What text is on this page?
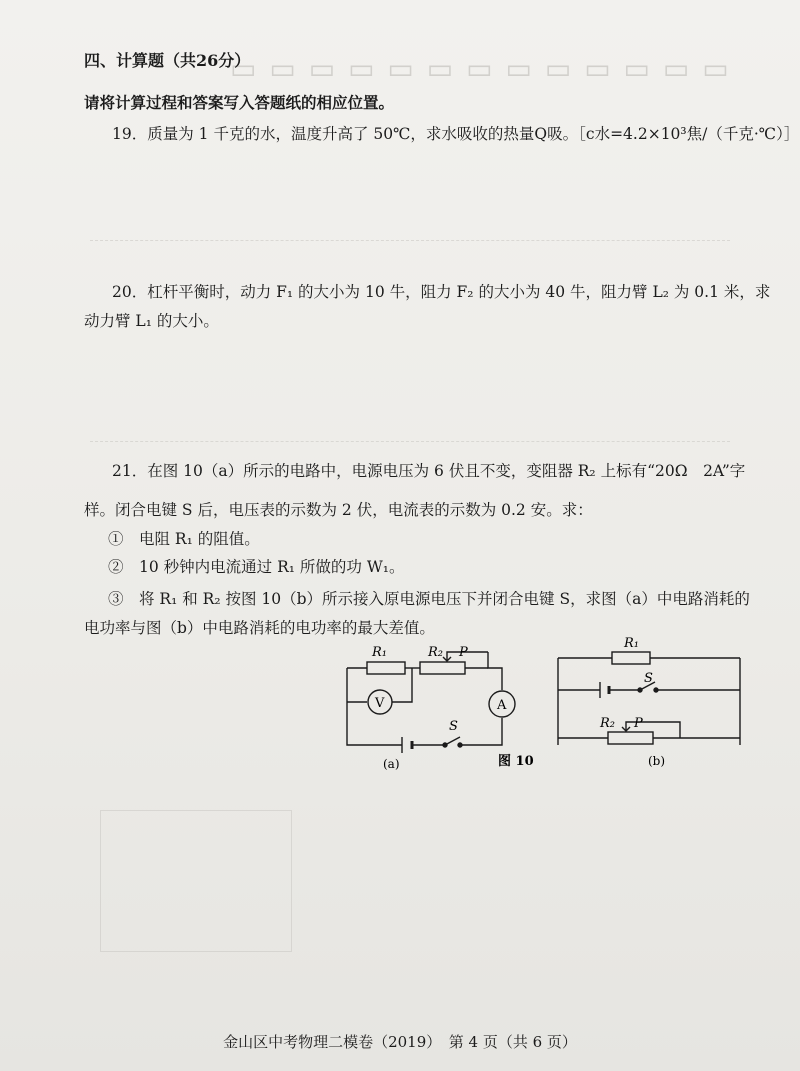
▭ ▭ ▭ ▭ ▭ ▭ ▭ ▭ ▭ ▭ ▭ ▭ ▭
四、计算题（共26分）
请将计算过程和答案写入答题纸的相应位置。
19．质量为 1 千克的水，温度升高了 50℃，求水吸收的热量Q吸。［c水=4.2×10³焦/（千克·℃）］
20．杠杆平衡时，动力 F₁ 的大小为 10 牛，阻力 F₂ 的大小为 40 牛，阻力臂 L₂ 为 0.1 米，求
动力臂 L₁ 的大小。
21．在图 10（a）所示的电路中，电源电压为 6 伏且不变，变阻器 R₂ 上标有“20Ω　2A”字
样。闭合电键 S 后，电压表的示数为 2 伏，电流表的示数为 0.2 安。求：
①　电阻 R₁ 的阻值。
②　10 秒钟内电流通过 R₁ 所做的功 W₁。
③　将 R₁ 和 R₂ 按图 10（b）所示接入原电源电压下并闭合电键 S，求图（a）中电路消耗的
电功率与图（b）中电路消耗的电功率的最大差值。
R₁	R₂ P
V	A
S
(a)	图 10
R₁
S
R₂ P
(b)
金山区中考物理二模卷（2019）　第 4 页（共 6 页）
